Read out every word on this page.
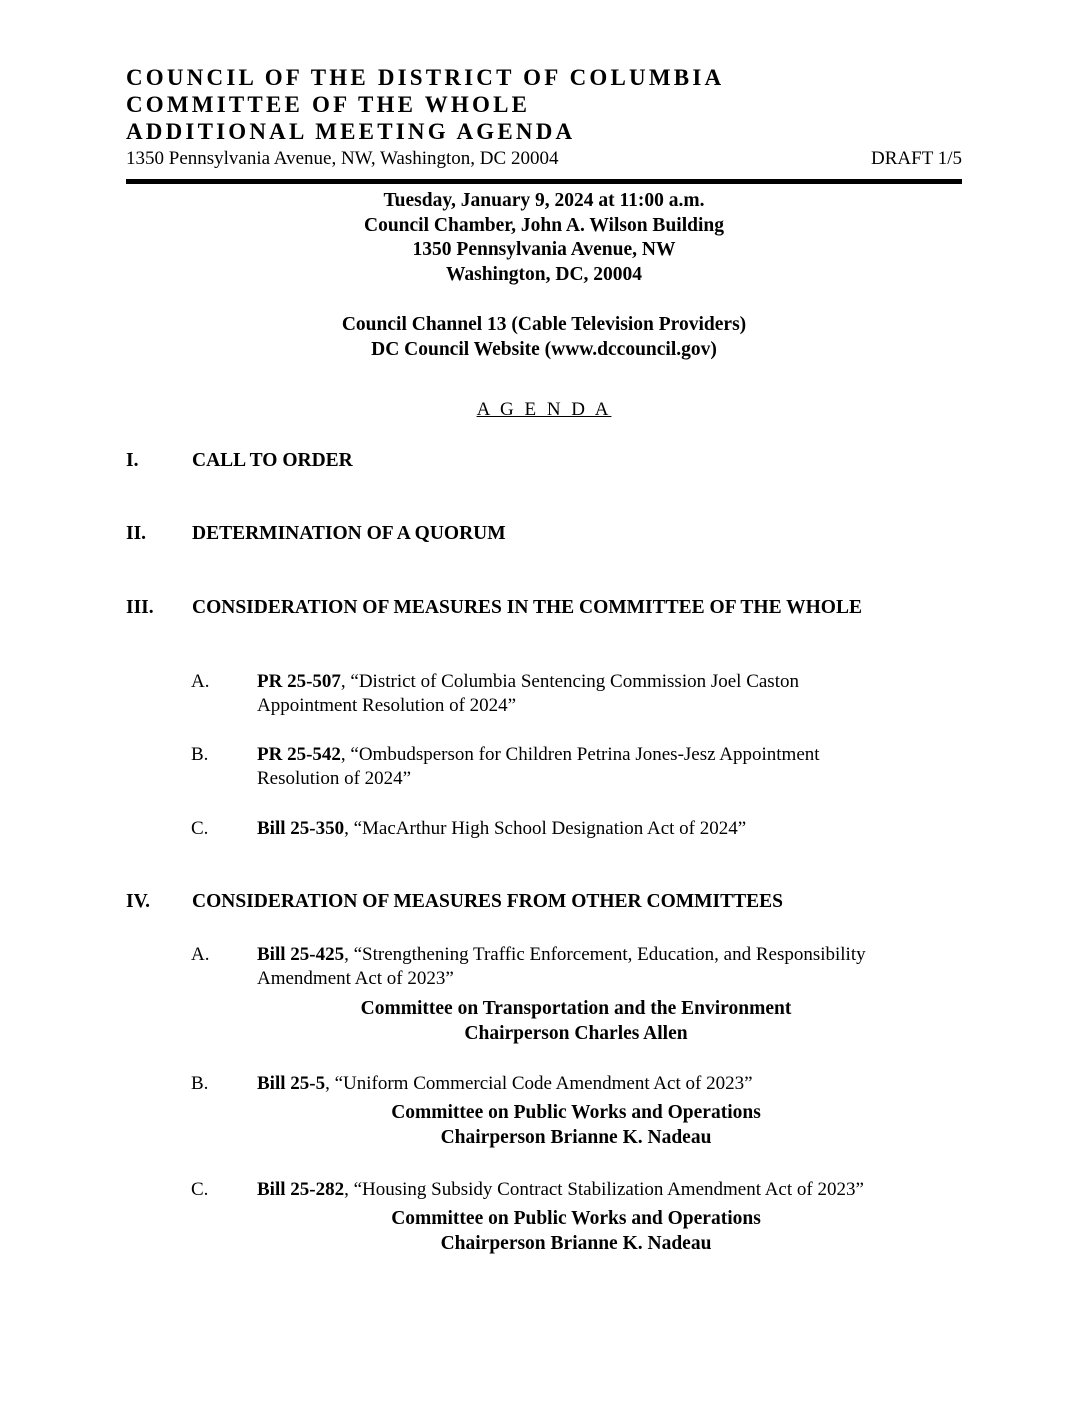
COUNCIL OF THE DISTRICT OF COLUMBIA
COMMITTEE OF THE WHOLE
ADDITIONAL MEETING AGENDA
1350 Pennsylvania Avenue, NW, Washington, DC 20004	DRAFT 1/5
Tuesday, January 9, 2024 at 11:00 a.m.
Council Chamber, John A. Wilson Building
1350 Pennsylvania Avenue, NW
Washington, DC, 20004
Council Channel 13 (Cable Television Providers)
DC Council Website (www.dccouncil.gov)
A G E N D A
I.	CALL TO ORDER
II.	DETERMINATION OF A QUORUM
III.	CONSIDERATION OF MEASURES IN THE COMMITTEE OF THE WHOLE
A.	PR 25-507, “District of Columbia Sentencing Commission Joel Caston
Appointment Resolution of 2024”
B.	PR 25-542, “Ombudsperson for Children Petrina Jones-Jesz Appointment
Resolution of 2024”
C.	Bill 25-350, “MacArthur High School Designation Act of 2024”
IV.	CONSIDERATION OF MEASURES FROM OTHER COMMITTEES
A.	Bill 25-425, “Strengthening Traffic Enforcement, Education, and Responsibility
Amendment Act of 2023”
Committee on Transportation and the Environment
Chairperson Charles Allen
B.	Bill 25-5, “Uniform Commercial Code Amendment Act of 2023”
Committee on Public Works and Operations
Chairperson Brianne K. Nadeau
C.	Bill 25-282, “Housing Subsidy Contract Stabilization Amendment Act of 2023”
Committee on Public Works and Operations
Chairperson Brianne K. Nadeau
